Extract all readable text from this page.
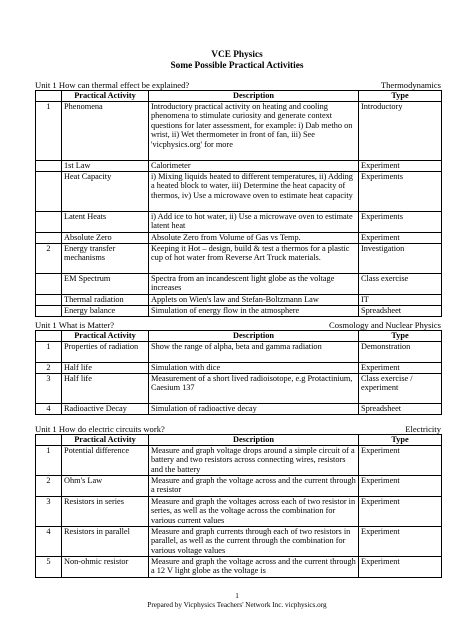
VCE Physics
Some Possible Practical Activities
Unit 1 How can thermal effect be explained?	Thermodynamics
	Practical Activity	Description	Type
1	Phenomena	Introductory practical activity on heating and cooling phenomena to stimulate curiosity and generate context questions for later assessment, for example: i) Dab metho on wrist, ii) Wet thermometer in front of fan, iii) See 'vicphysics.org' for more	Introductory
	1st Law	Calorimeter	Experiment
	Heat Capacity	i) Mixing liquids heated to different temperatures, ii) Adding a heated block to water, iii) Determine the heat capacity of thermos, iv) Use a microwave oven to estimate heat capacity	Experiments
	Latent Heats	i) Add ice to hot water, ii) Use a microwave oven to estimate latent heat	Experiments
	Absolute Zero	Absolute Zero from Volume of Gas vs Temp.	Experiment
2	Energy transfer mechanisms	Keeping it Hot – design, build & test a thermos for a plastic cup of hot water from Reverse Art Truck materials.	Investigation
	EM Spectrum	Spectra from an incandescent light globe as the voltage increases	Class exercise
	Thermal radiation	Applets on Wien's law and Stefan-Boltzmann Law	IT
	Energy balance	Simulation of energy flow in the atmosphere	Spreadsheet
Unit 1 What is Matter?	Cosmology and Nuclear Physics
	Practical Activity	Description	Type
1	Properties of radiation	Show the range of alpha, beta and gamma radiation	Demonstration
2	Half life	Simulation with dice	Experiment
3	Half life	Measurement of a short lived radioisotope, e.g Protactinium, Caesium 137	Class exercise / experiment
4	Radioactive Decay	Simulation of radioactive decay	Spreadsheet
Unit 1 How do electric circuits work?	Electricity
	Practical Activity	Description	Type
1	Potential difference	Measure and graph voltage drops around a simple circuit of a battery and two resistors across connecting wires, resistors and the battery	Experiment
2	Ohm's Law	Measure and graph the voltage across and the current through a resistor	Experiment
3	Resistors in series	Measure and graph the voltages across each of two resistor in series, as well as the voltage across the combination for various current values	Experiment
4	Resistors in parallel	Measure and graph currents through each of two resistors in parallel, as well as the current through the combination for various voltage values	Experiment
5	Non-ohmic resistor	Measure and graph the voltage across and the current through a 12 V light globe as the voltage is	Experiment
1
Prepared by Vicphysics Teachers' Network Inc. vicphysics.org
